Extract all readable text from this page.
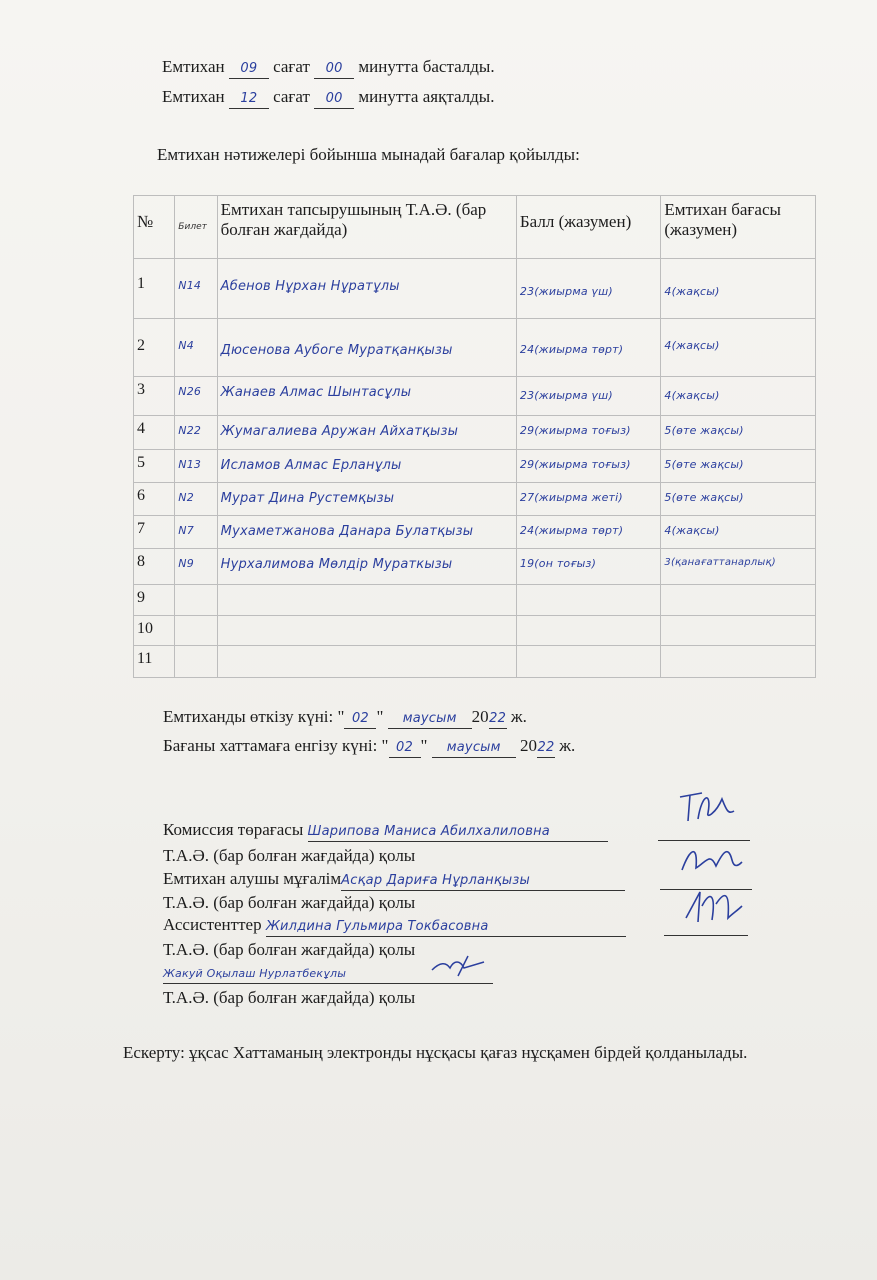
Емтихан 09 сағат 00 минутта басталды.
Емтихан 12 сағат 00 минутта аяқталды.
Емтихан нәтижелері бойынша мынадай бағалар қойылды:
№	Билет	Емтихан тапсырушының Т.А.Ә. (бар болған жағдайда)	Балл (жазумен)	Емтихан бағасы (жазумен)
1	N14	Абенов Нұрхан Нұратұлы	23(жиырма үш)	4(жақсы)

2	N4	Дюсенова Аубоге Муратқанқызы	24(жиырма төрт)	4(жақсы)

3	N26	Жанаев Алмас Шынтасұлы	23(жиырма үш)	4(жақсы)

4	N22	Жумагалиева Аружан Айхатқызы	29(жиырма тоғыз)	5(өте жақсы)

5	N13	Исламов Алмас Ерланұлы	29(жиырма тоғыз)	5(өте жақсы)

6	N2	Мурат Дина Рустемқызы	27(жиырма жеті)	5(өте жақсы)

7	N7	Мухаметжанова Данара Булатқызы	24(жиырма төрт)	4(жақсы)

8	N9	Нурхалимова Мөлдір Мураткызы	19(он тоғыз)	3(қанағаттанарлық)

9				
10				
11				
Емтиханды өткізу күні: " 02 " маусым 2022 ж.
Бағаны хаттамаға енгізу күні: " 02 " маусым 2022 ж.
Комиссия төрағасы Шарипова Маниса Абилхалиловна
Т.А.Ә. (бар болған жағдайда) қолы
Емтихан алушы мұғалімАсқар Дариға Нұрланқызы
Т.А.Ә. (бар болған жағдайда) қолы
Ассистенттер Жилдина Гульмира Токбасовна
Т.А.Ә. (бар болған жағдайда) қолы
Жакуй Оқылаш Нурлатбекұлы
Т.А.Ә. (бар болған жағдайда) қолы
Ескерту: ұқсас Хаттаманың электронды нұсқасы қағаз нұсқамен бірдей қолданылады.
